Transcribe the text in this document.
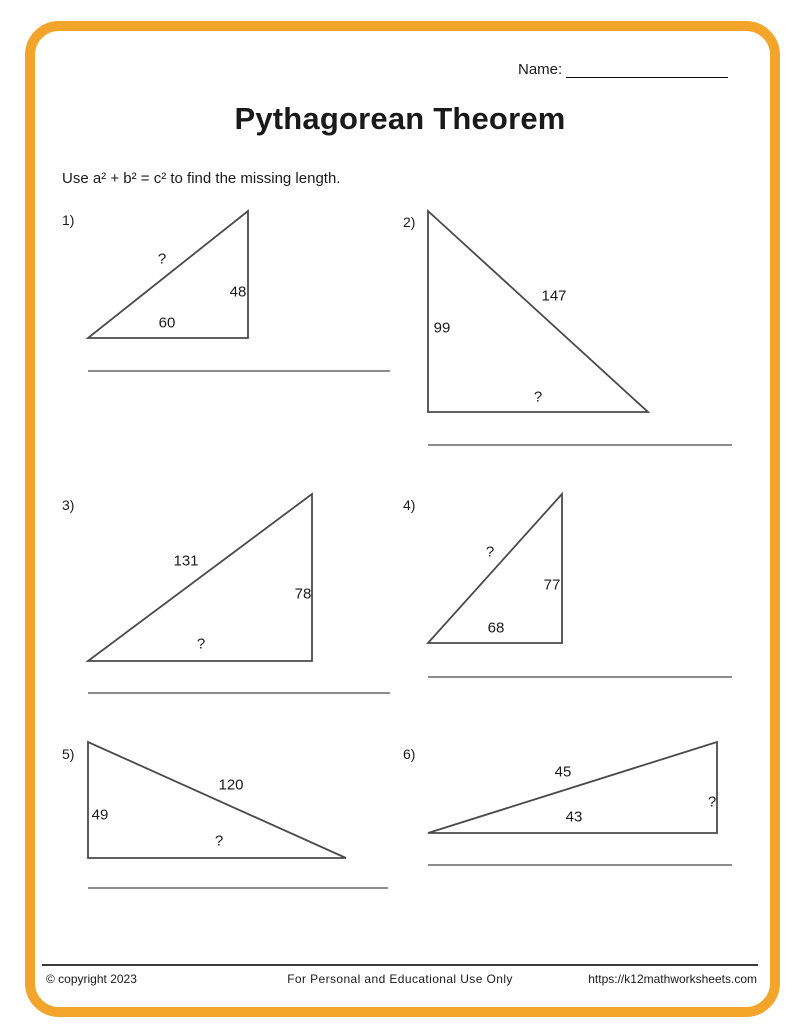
Name:
Pythagorean Theorem
Use a² + b² = c² to find the missing length.
1)
?
48
60
2)
147
99
?
3)
131
78
?
4)
?
77
68
5)
120
49
?
6)
45
?
43
© copyright 2023	For Personal and Educational Use Only	https://k12mathworksheets.com
